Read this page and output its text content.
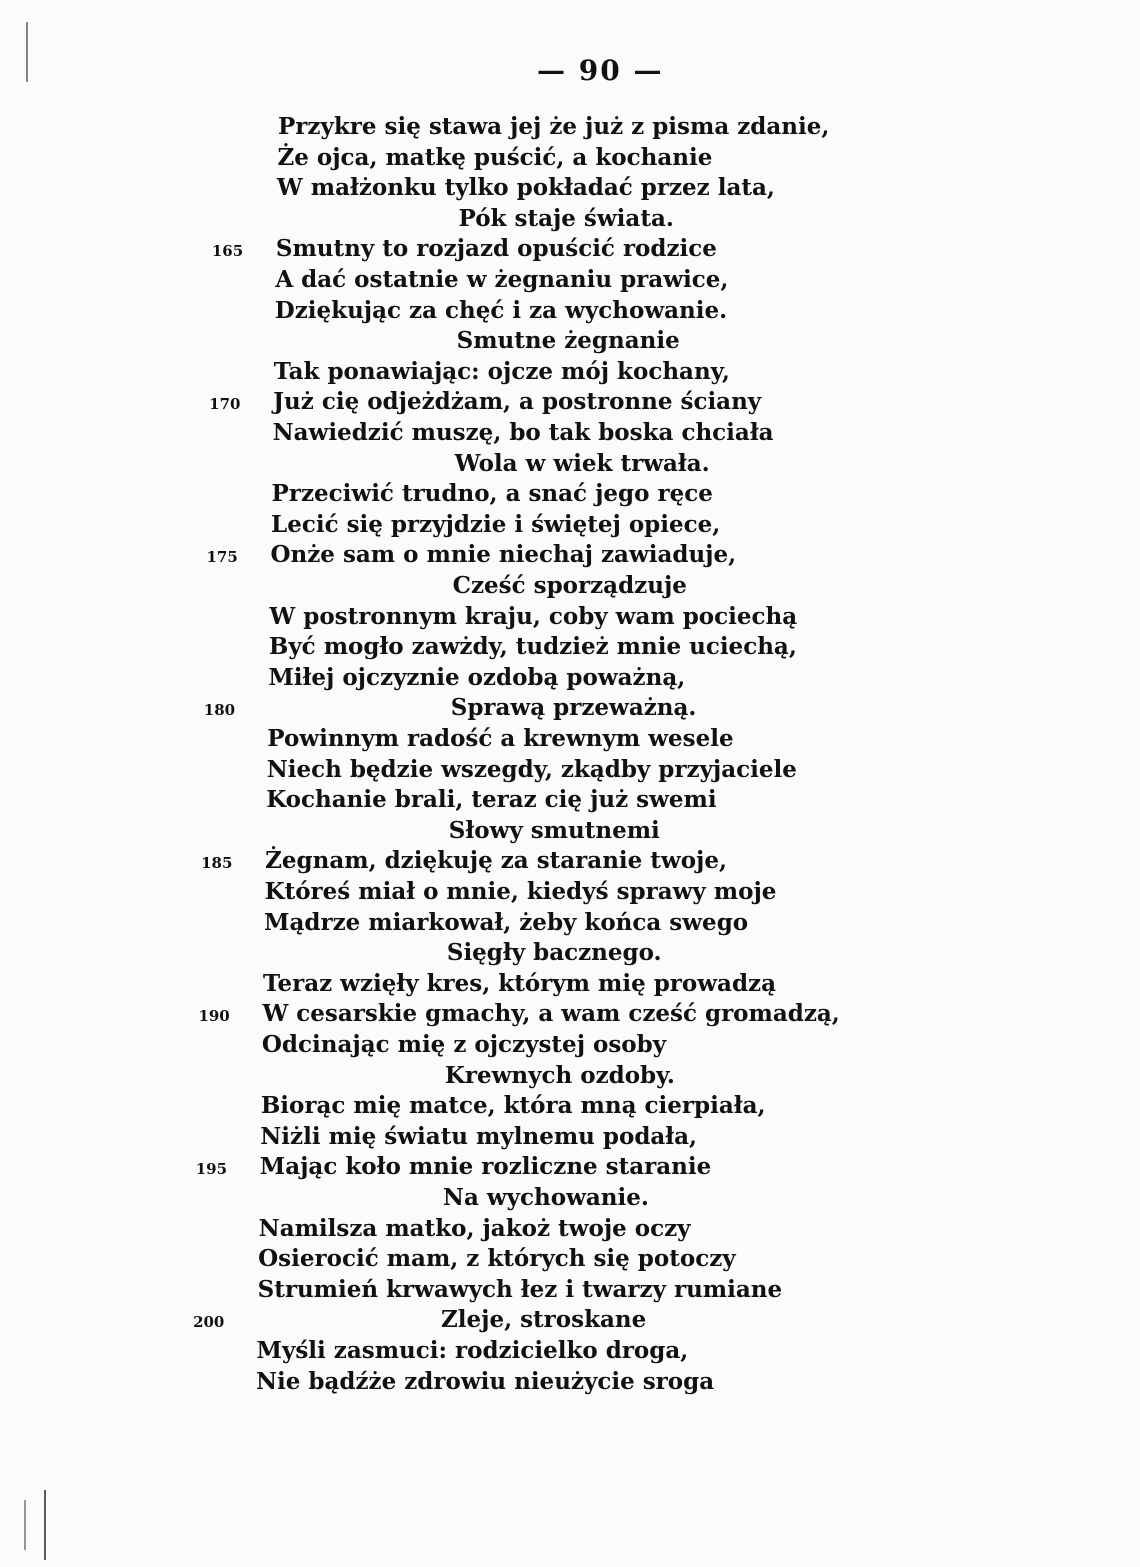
— 90 —
Przykre się stawa jej że już z pisma zdanie,
Że ojca, matkę puścić, a kochanie
W małżonku tylko pokładać przez lata,
Pók staje świata.
Smutny to rozjazd opuścić rodzice
165
A dać ostatnie w żegnaniu prawice,
Dziękując za chęć i za wychowanie.
Smutne żegnanie
Tak ponawiając: ojcze mój kochany,
Już cię odjeżdżam, a postronne ściany
170
Nawiedzić muszę, bo tak boska chciała
Wola w wiek trwała.
Przeciwić trudno, a snać jego ręce
Lecić się przyjdzie i świętej opiece,
Onże sam o mnie niechaj zawiaduje,
175
Cześć sporządzuje
W postronnym kraju, coby wam pociechą
Być mogło zawżdy, tudzież mnie uciechą,
Miłej ojczyznie ozdobą poważną,
Sprawą przeważną.
180
Powinnym radość a krewnym wesele
Niech będzie wszegdy, zkądby przyjaciele
Kochanie brali, teraz cię już swemi
Słowy smutnemi
Żegnam, dziękuję za staranie twoje,
185
Któreś miał o mnie, kiedyś sprawy moje
Mądrze miarkował, żeby końca swego
Sięgły bacznego.
Teraz wzięły kres, którym mię prowadzą
W cesarskie gmachy, a wam cześć gromadzą,
190
Odcinając mię z ojczystej osoby
Krewnych ozdoby.
Biorąc mię matce, która mną cierpiała,
Niżli mię światu mylnemu podała,
Mając koło mnie rozliczne staranie
195
Na wychowanie.
Namilsza matko, jakoż twoje oczy
Osierocić mam, z których się potoczy
Strumień krwawych łez i twarzy rumiane
Zleje, stroskane
200
Myśli zasmuci: rodzicielko droga,
Nie bądźże zdrowiu nieużycie sroga
